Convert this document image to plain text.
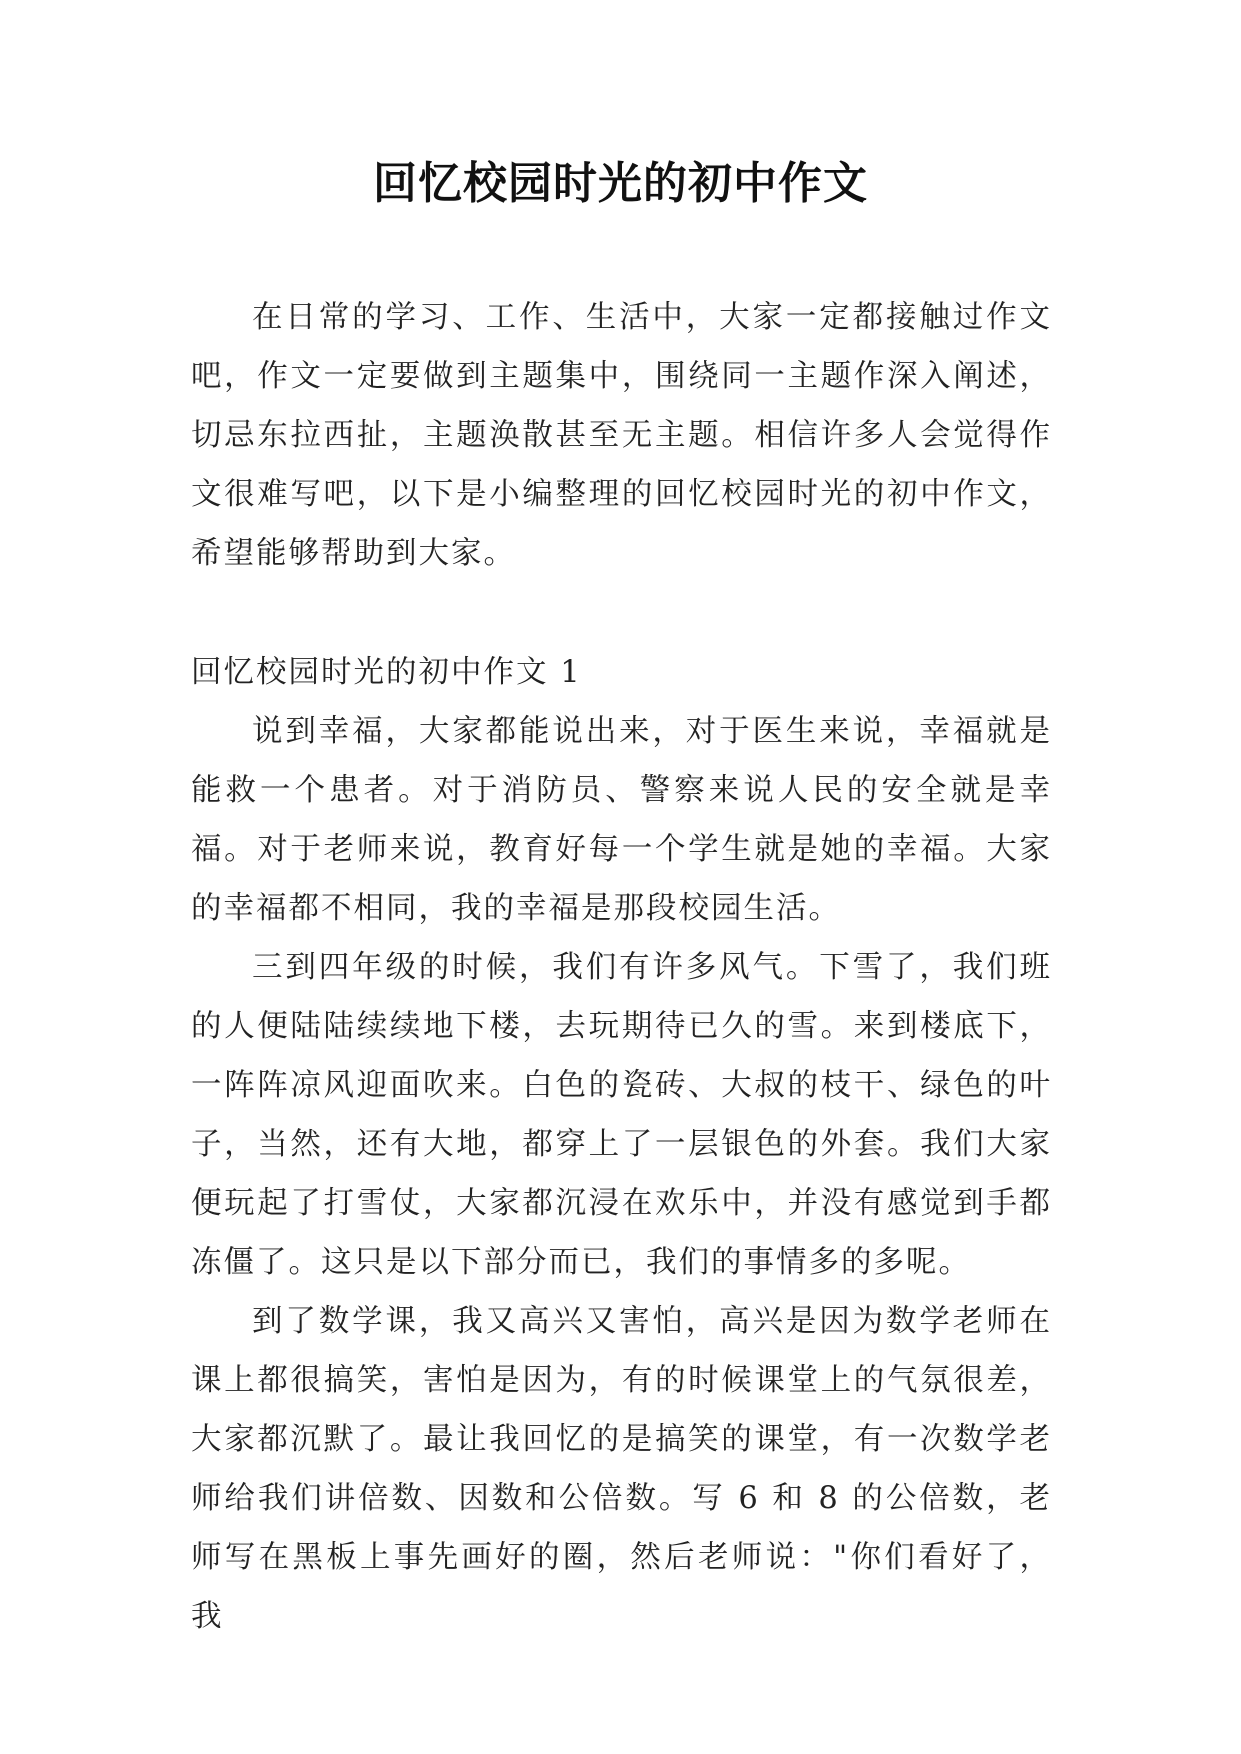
回忆校园时光的初中作文

在日常的学习、工作、生活中，大家一定都接触过作文吧，作文一定要做到主题集中，围绕同一主题作深入阐述，切忌东拉西扯，主题涣散甚至无主题。相信许多人会觉得作文很难写吧，以下是小编整理的回忆校园时光的初中作文，希望能够帮助到大家。

回忆校园时光的初中作文 1

说到幸福，大家都能说出来，对于医生来说，幸福就是能救一个患者。对于消防员、警察来说人民的安全就是幸福。对于老师来说，教育好每一个学生就是她的幸福。大家的幸福都不相同，我的幸福是那段校园生活。

三到四年级的时候，我们有许多风气。下雪了，我们班的人便陆陆续续地下楼，去玩期待已久的雪。来到楼底下，一阵阵凉风迎面吹来。白色的瓷砖、大叔的枝干、绿色的叶子，当然，还有大地，都穿上了一层银色的外套。我们大家便玩起了打雪仗，大家都沉浸在欢乐中，并没有感觉到手都冻僵了。这只是以下部分而已，我们的事情多的多呢。

到了数学课，我又高兴又害怕，高兴是因为数学老师在课上都很搞笑，害怕是因为，有的时候课堂上的气氛很差，大家都沉默了。最让我回忆的是搞笑的课堂，有一次数学老师给我们讲倍数、因数和公倍数。写 6 和 8 的公倍数，老师写在黑板上事先画好的圈，然后老师说："你们看好了，我
